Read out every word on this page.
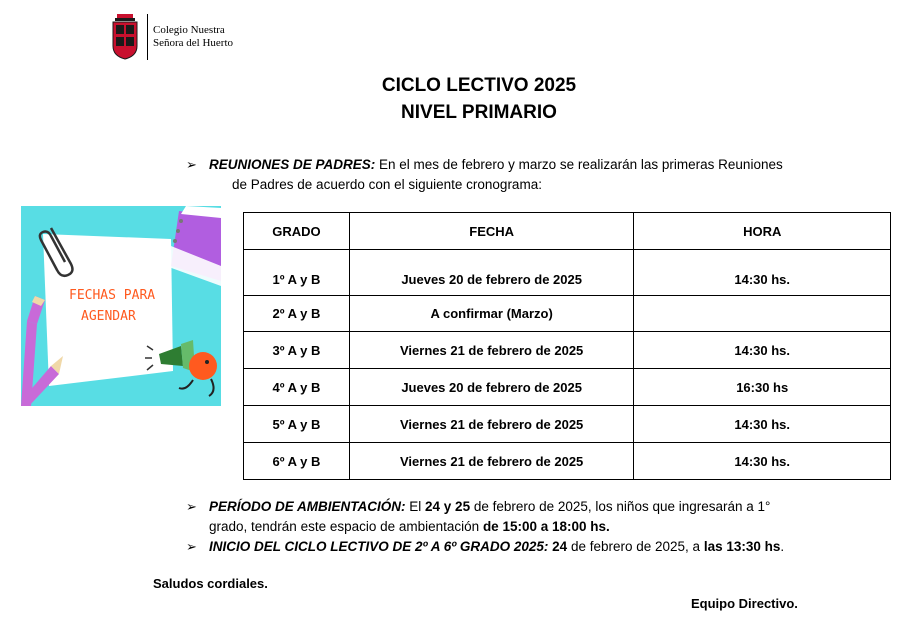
Colegio Nuestra
Señora del Huerto
CICLO LECTIVO 2025
NIVEL PRIMARIO
➢ REUNIONES DE PADRES: En el mes de febrero y marzo se realizarán las primeras Reuniones
de Padres de acuerdo con el siguiente cronograma:
FECHAS PARA
AGENDAR
GRADO	FECHA	HORA
1º A y B	Jueves 20 de febrero de 2025	14:30 hs.
2º A y B	A confirmar (Marzo)	
3º A y B	Viernes 21 de febrero de 2025	14:30 hs.
4º A y B	Jueves 20 de febrero de 2025	16:30 hs
5º A y B	Viernes 21 de febrero de 2025	14:30 hs.
6º A y B	Viernes 21 de febrero de 2025	14:30 hs.
➢ PERÍODO DE AMBIENTACIÓN: El 24 y 25 de febrero de 2025, los niños que ingresarán a 1°
grado, tendrán este espacio de ambientación de 15:00 a 18:00 hs.
➢ INICIO DEL CICLO LECTIVO DE 2º A 6º GRADO 2025: 24 de febrero de 2025, a las 13:30 hs.
Saludos cordiales.
Equipo Directivo.
